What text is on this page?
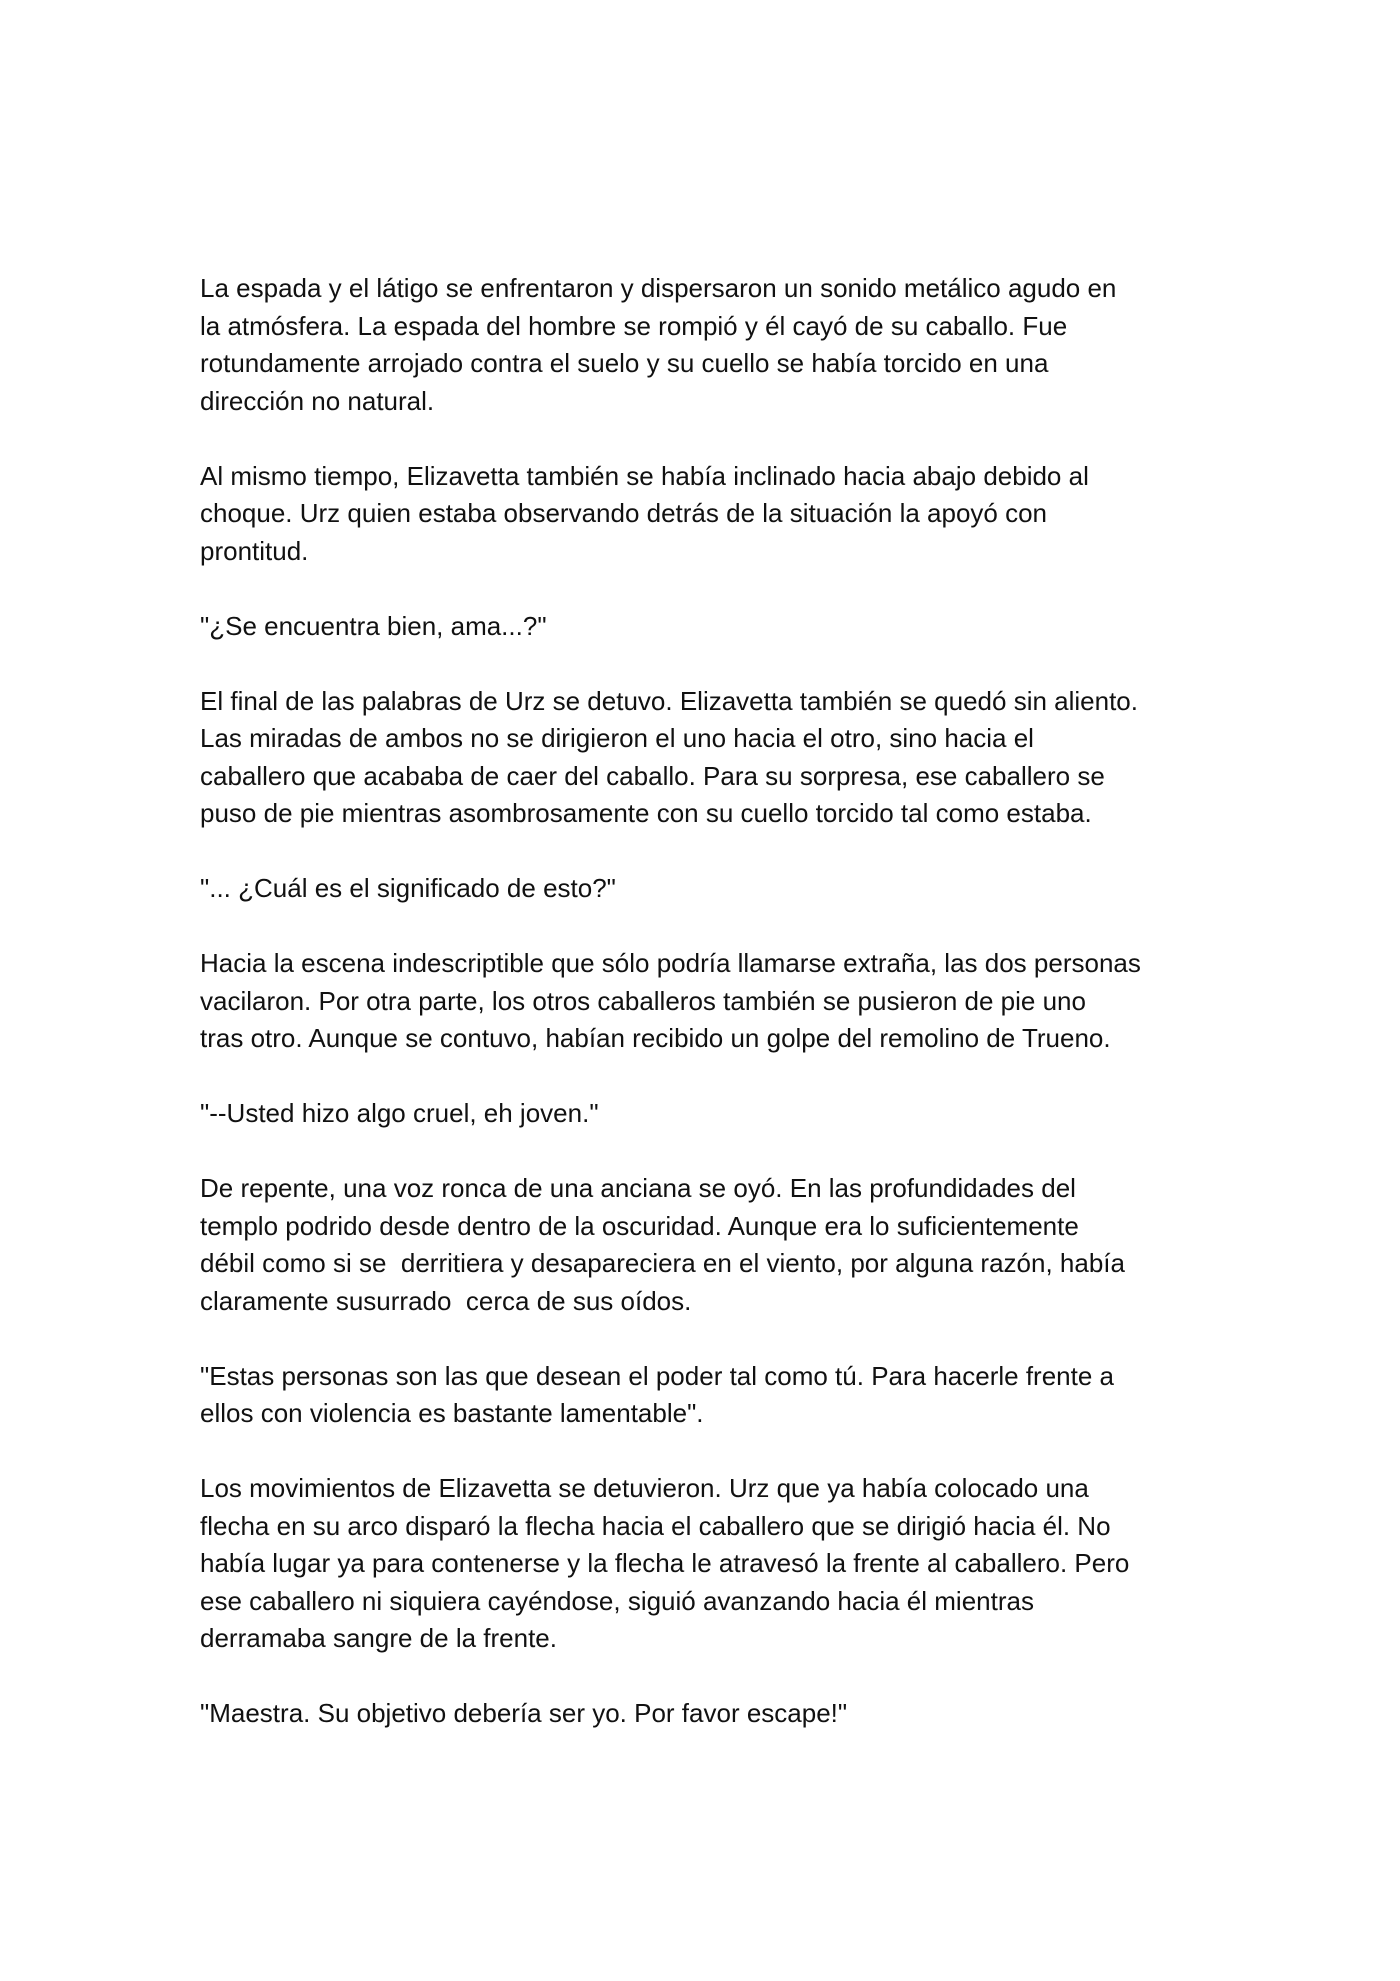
La espada y el látigo se enfrentaron y dispersaron un sonido metálico agudo en
la atmósfera. La espada del hombre se rompió y él cayó de su caballo. Fue
rotundamente arrojado contra el suelo y su cuello se había torcido en una
dirección no natural.

Al mismo tiempo, Elizavetta también se había inclinado hacia abajo debido al
choque. Urz quien estaba observando detrás de la situación la apoyó con
prontitud.

"¿Se encuentra bien, ama...?"

El final de las palabras de Urz se detuvo. Elizavetta también se quedó sin aliento.
Las miradas de ambos no se dirigieron el uno hacia el otro, sino hacia el
caballero que acababa de caer del caballo. Para su sorpresa, ese caballero se
puso de pie mientras asombrosamente con su cuello torcido tal como estaba.

"... ¿Cuál es el significado de esto?"

Hacia la escena indescriptible que sólo podría llamarse extraña, las dos personas
vacilaron. Por otra parte, los otros caballeros también se pusieron de pie uno
tras otro. Aunque se contuvo, habían recibido un golpe del remolino de Trueno.

"--Usted hizo algo cruel, eh joven."

De repente, una voz ronca de una anciana se oyó. En las profundidades del
templo podrido desde dentro de la oscuridad. Aunque era lo suficientemente
débil como si se  derritiera y desapareciera en el viento, por alguna razón, había
claramente susurrado  cerca de sus oídos.

"Estas personas son las que desean el poder tal como tú. Para hacerle frente a
ellos con violencia es bastante lamentable".

Los movimientos de Elizavetta se detuvieron. Urz que ya había colocado una
flecha en su arco disparó la flecha hacia el caballero que se dirigió hacia él. No
había lugar ya para contenerse y la flecha le atravesó la frente al caballero. Pero
ese caballero ni siquiera cayéndose, siguió avanzando hacia él mientras
derramaba sangre de la frente.

"Maestra. Su objetivo debería ser yo. Por favor escape!"
